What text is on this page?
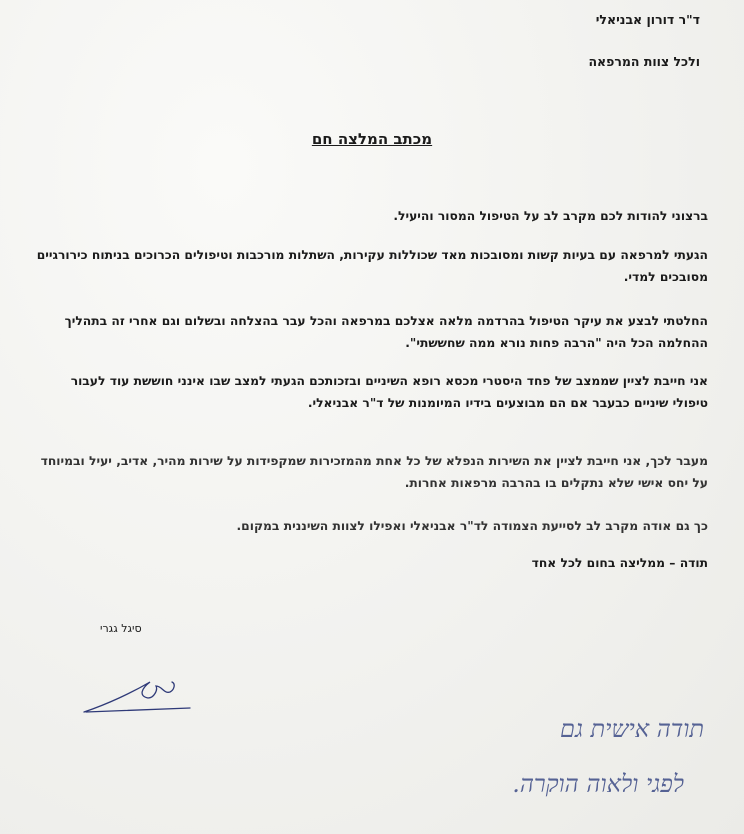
ד"ר דורון אבניאלי
ולכל צוות המרפאה
מכתב המלצה חם
ברצוני להודות לכם מקרב לב על הטיפול המסור והיעיל.
הגעתי למרפאה עם בעיות קשות ומסובכות מאד שכוללות עקירות, השתלות מורכבות וטיפולים הכרוכים בניתוח כירורגיים מסובכים למדי.
החלטתי לבצע את עיקר הטיפול בהרדמה מלאה אצלכם במרפאה והכל עבר בהצלחה ובשלום וגם אחרי זה בתהליך ההחלמה הכל היה "הרבה פחות נורא ממה שחששתי".
אני חייבת לציין שממצב של פחד היסטרי מכסא רופא השיניים ובזכותכם הגעתי למצב שבו אינני חוששת עוד לעבור טיפולי שיניים כבעבר אם הם מבוצעים בידיו המיומנות של ד"ר אבניאלי.
מעבר לכך, אני חייבת לציין את השירות הנפלא של כל אחת מהמזכירות שמקפידות על שירות מהיר, אדיב, יעיל ובמיוחד על יחס אישי שלא נתקלים בו בהרבה מרפאות אחרות.
כך גם אודה מקרב לב לסייעת הצמודה לד"ר אבניאלי ואפילו לצוות השיננית במקום.
תודה – ממליצה בחום לכל אחד
סיגל גגרי
תודה אישית גם
לפגי ולאוה הוקרה.
